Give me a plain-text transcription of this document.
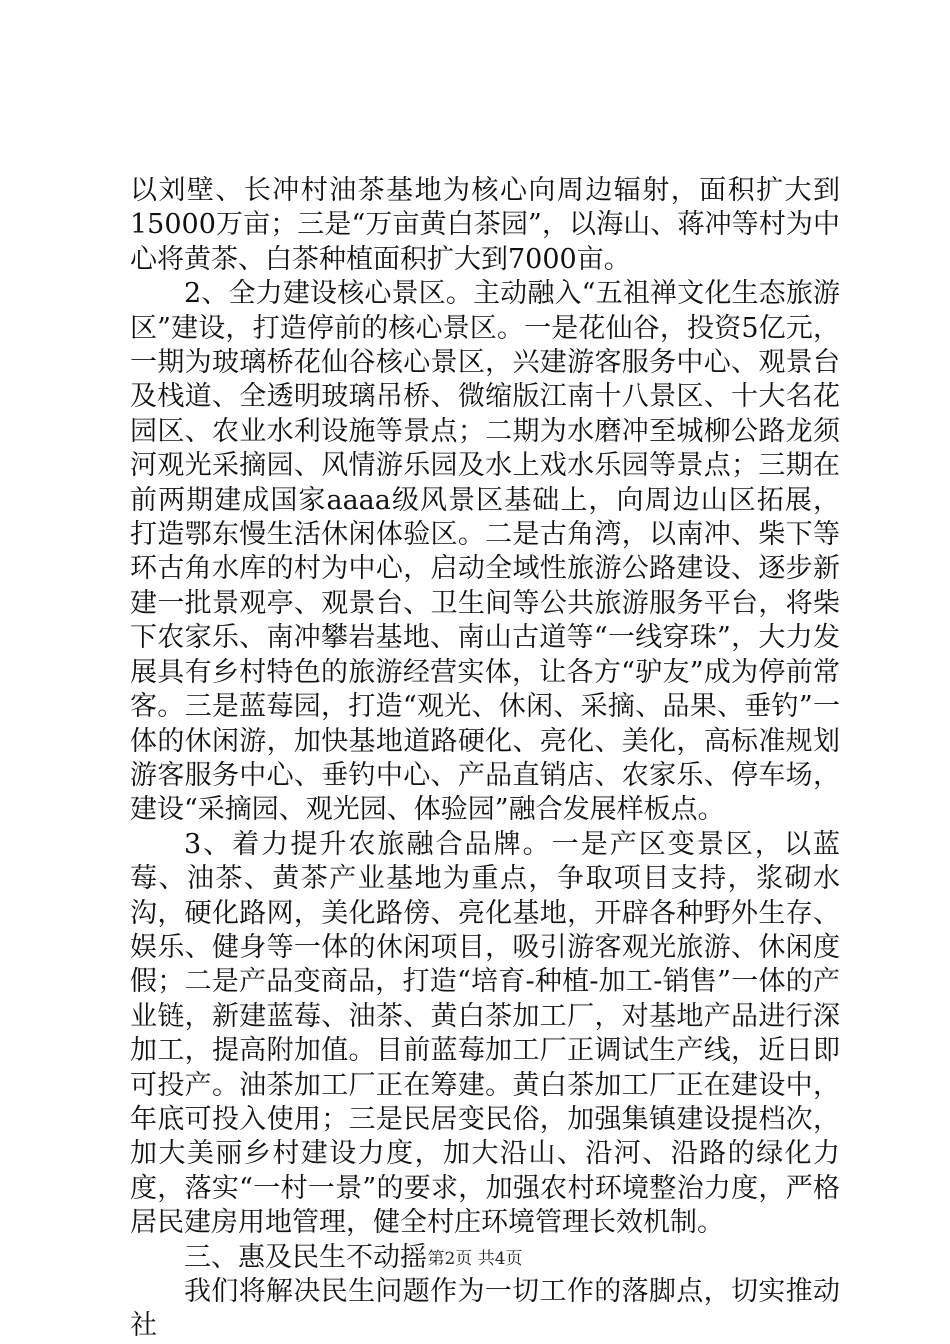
以刘壁、长冲村油茶基地为核心向周边辐射，面积扩大到15000万亩；三是“万亩黄白茶园”，以海山、蒋冲等村为中心将黄茶、白茶种植面积扩大到7000亩。

2、全力建设核心景区。主动融入“五祖禅文化生态旅游区”建设，打造停前的核心景区。一是花仙谷，投资5亿元，一期为玻璃桥花仙谷核心景区，兴建游客服务中心、观景台及栈道、全透明玻璃吊桥、微缩版江南十八景区、十大名花园区、农业水利设施等景点；二期为水磨冲至城柳公路龙须河观光采摘园、风情游乐园及水上戏水乐园等景点；三期在前两期建成国家aaaa级风景区基础上，向周边山区拓展，打造鄂东慢生活休闲体验区。二是古角湾，以南冲、柴下等环古角水库的村为中心，启动全域性旅游公路建设、逐步新建一批景观亭、观景台、卫生间等公共旅游服务平台，将柴下农家乐、南冲攀岩基地、南山古道等“一线穿珠”，大力发展具有乡村特色的旅游经营实体，让各方“驴友”成为停前常客。三是蓝莓园，打造“观光、休闲、采摘、品果、垂钓”一体的休闲游，加快基地道路硬化、亮化、美化，高标准规划游客服务中心、垂钓中心、产品直销店、农家乐、停车场，建设“采摘园、观光园、体验园”融合发展样板点。

3、着力提升农旅融合品牌。一是产区变景区，以蓝莓、油茶、黄茶产业基地为重点，争取项目支持，浆砌水沟，硬化路网，美化路傍、亮化基地，开辟各种野外生存、娱乐、健身等一体的休闲项目，吸引游客观光旅游、休闲度假；二是产品变商品，打造“培育-种植-加工-销售”一体的产业链，新建蓝莓、油茶、黄白茶加工厂，对基地产品进行深加工，提高附加值。目前蓝莓加工厂正调试生产线，近日即可投产。油茶加工厂正在筹建。黄白茶加工厂正在建设中，年底可投入使用；三是民居变民俗，加强集镇建设提档次，加大美丽乡村建设力度，加大沿山、沿河、沿路的绿化力度，落实“一村一景”的要求，加强农村环境整治力度，严格居民建房用地管理，健全村庄环境管理长效机制。

三、惠及民生不动摇

我们将解决民生问题作为一切工作的落脚点，切实推动社

第2页 共4页
